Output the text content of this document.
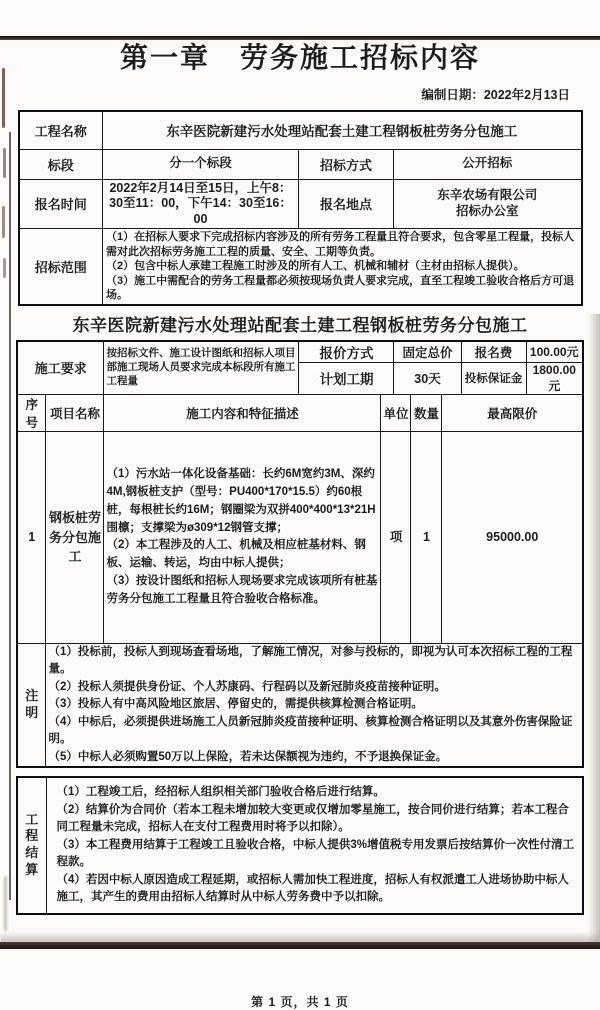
第一章　劳务施工招标内容
编制日期：2022年2月13日
工程名称	东辛医院新建污水处理站配套土建工程钢板桩劳务分包施工		
标段	分一个标段	招标方式	公开招标
报名时间	2022年2月14日至15日，上午8：30至11：00，下午14：30至16：00	报名地点	东辛农场有限公司
招标办公室

招标范围	（1）在招标人要求下完成招标内容涉及的所有劳务工程量且符合要求，包含零星工程量，投标人需对此次招标劳务施工工程的质量、安全、工期等负责。
（2）包含中标人承建工程施工时涉及的所有人工、机械和辅材（主材由招标人提供）。
（3）施工中需配合的劳务工程量都必须按现场负责人要求完成，直至工程竣工验收合格后方可退场。		
东辛医院新建污水处理站配套土建工程钢板桩劳务分包施工
施工要求		按招标文件、施工设计图纸和招标人项目部施工现场人员要求完成本标段所有施工工程量	报价方式		固定总价			报名费	100.00元
			计划工期		30天			投标保证金	1800.00元
序号	项目名称	施工内容和特征描述		单位		数量	最高限价		
1	钢板桩劳务分包施工	（1）污水站一体化设备基础：长约6M宽约3M、深约4M,钢板桩支护（型号：PU400*170*15.5）约60根桩，每根桩长约16M；钢圈梁为双拼400*400*13*21H围檩；支撑梁为ø309*12钢管支撑；

（2）本工程涉及的人工、机械及相应桩基材料、钢板、运输、转运，均由中标人提供；

（3）按设计图纸和招标人现场要求完成该项所有桩基劳务分包施工工程量且符合验收合格标准。		项		1	95000.00		
注明	（1）投标前，投标人到现场查看场地，了解施工情况，对参与投标的，即视为认可本次招标工程的工程量。
（2）投标人须提供身份证、个人苏康码、行程码以及新冠肺炎疫苗接种证明。
（3）投标人有中高风险地区旅居、停留史的，需提供核算检测合格证明。
（4）中标后，必须提供进场施工人员新冠肺炎疫苗接种证明、核算检测合格证明以及其意外伤害保险证明。
（5）中标人必须购置50万以上保险，若未达保额视为违约，不予退换保证金。								
工程
结算

（1）工程竣工后，经招标人组织相关部门验收合格后进行结算。
（2）结算价为合同价（若本工程未增加较大变更或仅增加零星施工，按合同价进行结算；若本工程合同工程量未完成，招标人在支付工程费用时将予以扣除）。
（3）本工程费用结算于工程竣工且验收合格，中标人提供3%增值税专用发票后按结算价一次性付清工程款。
（4）若因中标人原因造成工程延期，或招标人需加快工程进度，招标人有权派遣工人进场协助中标人施工，其产生的费用由招标人结算时从中标人劳务费中予以扣除。
第 1 页，共 1 页
